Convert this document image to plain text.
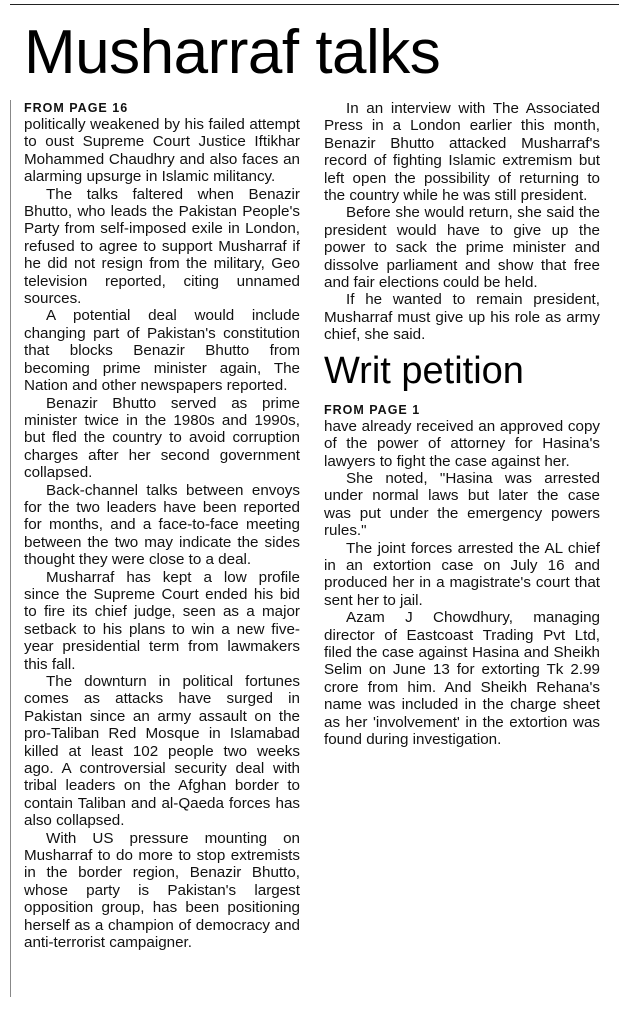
Musharraf talks
FROM PAGE 16

politically weakened by his failed attempt to oust Supreme Court Justice Iftikhar Mohammed Chaudhry and also faces an alarming upsurge in Islamic militancy.

The talks faltered when Benazir Bhutto, who leads the Pakistan People's Party from self-imposed exile in London, refused to agree to support Musharraf if he did not resign from the military, Geo television reported, citing unnamed sources.

A potential deal would include changing part of Pakistan's constitution that blocks Benazir Bhutto from becoming prime minister again, The Nation and other newspapers reported.

Benazir Bhutto served as prime minister twice in the 1980s and 1990s, but fled the country to avoid corruption charges after her second government collapsed.

Back-channel talks between envoys for the two leaders have been reported for months, and a face-to-face meeting between the two may indicate the sides thought they were close to a deal.

Musharraf has kept a low profile since the Supreme Court ended his bid to fire its chief judge, seen as a major setback to his plans to win a new five-year presidential term from lawmakers this fall.

The downturn in political fortunes comes as attacks have surged in Pakistan since an army assault on the pro-Taliban Red Mosque in Islamabad killed at least 102 people two weeks ago. A controversial security deal with tribal leaders on the Afghan border to contain Taliban and al-Qaeda forces has also collapsed.

With US pressure mounting on Musharraf to do more to stop extremists in the border region, Benazir Bhutto, whose party is Pakistan's largest opposition group, has been positioning herself as a champion of democracy and anti-terrorist campaigner.

In an interview with The Associated Press in a London earlier this month, Benazir Bhutto attacked Musharraf's record of fighting Islamic extremism but left open the possibility of returning to the country while he was still president.

Before she would return, she said the president would have to give up the power to sack the prime minister and dissolve parliament and show that free and fair elections could be held.

If he wanted to remain president, Musharraf must give up his role as army chief, she said.

Writ petition
FROM PAGE 1

have already received an approved copy of the power of attorney for Hasina's lawyers to fight the case against her.

She noted, "Hasina was arrested under normal laws but later the case was put under the emergency powers rules."

The joint forces arrested the AL chief in an extortion case on July 16 and produced her in a magistrate's court that sent her to jail.

Azam J Chowdhury, managing director of Eastcoast Trading Pvt Ltd, filed the case against Hasina and Sheikh Selim on June 13 for extorting Tk 2.99 crore from him. And Sheikh Rehana's name was included in the charge sheet as her 'involvement' in the extortion was found during investigation.
